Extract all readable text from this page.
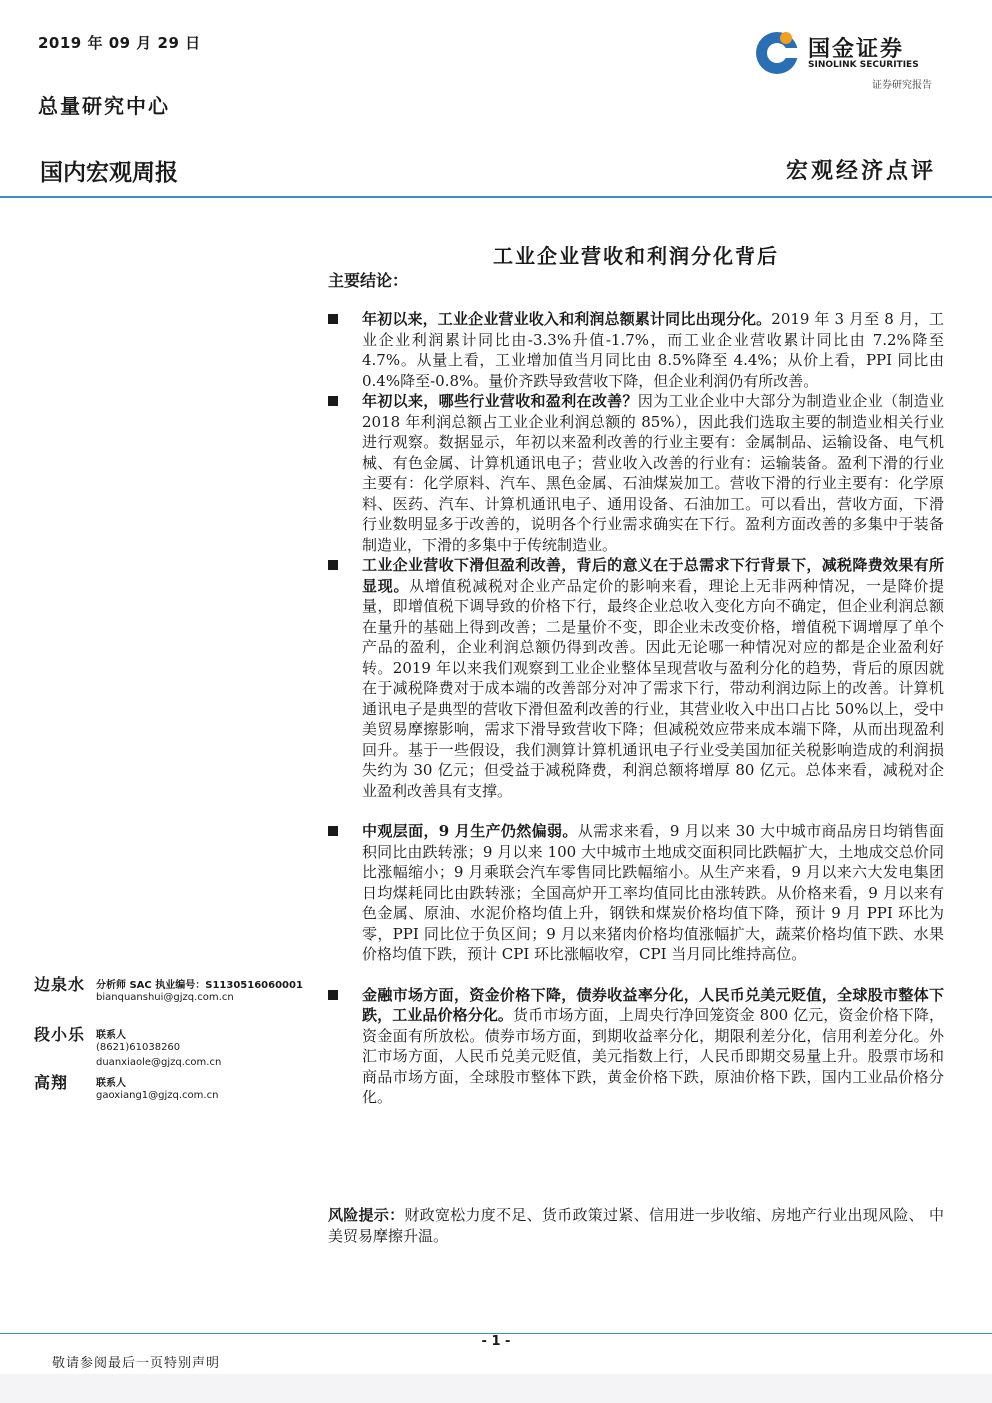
2019 年 09 月 29 日
总量研究中心
国金证券
SINOLINK SECURITIES
证券研究报告
国内宏观周报	宏观经济点评
工业企业营收和利润分化背后
主要结论：
年初以来，工业企业营业收入和利润总额累计同比出现分化。2019 年 3 月至 8 月，工业企业利润累计同比由-3.3%升值-1.7%，而工业企业营收累计同比由 7.2%降至 4.7%。从量上看，工业增加值当月同比由 8.5%降至 4.4%；从价上看，PPI 同比由 0.4%降至-0.8%。量价齐跌导致营收下降，但企业利润仍有所改善。
年初以来，哪些行业营收和盈利在改善？因为工业企业中大部分为制造业企业（制造业 2018 年利润总额占工业企业利润总额的 85%），因此我们选取主要的制造业相关行业进行观察。数据显示，年初以来盈利改善的行业主要有：金属制品、运输设备、电气机械、有色金属、计算机通讯电子；营业收入改善的行业有：运输装备。盈利下滑的行业主要有：化学原料、汽车、黑色金属、石油煤炭加工。营收下滑的行业主要有：化学原料、医药、汽车、计算机通讯电子、通用设备、石油加工。可以看出，营收方面，下滑行业数明显多于改善的，说明各个行业需求确实在下行。盈利方面改善的多集中于装备制造业，下滑的多集中于传统制造业。
工业企业营收下滑但盈利改善，背后的意义在于总需求下行背景下，减税降费效果有所显现。从增值税减税对企业产品定价的影响来看，理论上无非两种情况，一是降价提量，即增值税下调导致的价格下行，最终企业总收入变化方向不确定，但企业利润总额在量升的基础上得到改善；二是量价不变，即企业未改变价格，增值税下调增厚了单个产品的盈利，企业利润总额仍得到改善。因此无论哪一种情况对应的都是企业盈利好转。2019 年以来我们观察到工业企业整体呈现营收与盈利分化的趋势，背后的原因就在于减税降费对于成本端的改善部分对冲了需求下行，带动利润边际上的改善。计算机通讯电子是典型的营收下滑但盈利改善的行业，其营业收入中出口占比 50%以上，受中美贸易摩擦影响，需求下滑导致营收下降；但减税效应带来成本端下降，从而出现盈利回升。基于一些假设，我们测算计算机通讯电子行业受美国加征关税影响造成的利润损失约为 30 亿元；但受益于减税降费，利润总额将增厚 80 亿元。总体来看，减税对企业盈利改善具有支撑。
中观层面，9 月生产仍然偏弱。从需求来看，9 月以来 30 大中城市商品房日均销售面积同比由跌转涨；9 月以来 100 大中城市土地成交面积同比跌幅扩大，土地成交总价同比涨幅缩小；9 月乘联会汽车零售同比跌幅缩小。从生产来看，9 月以来六大发电集团日均煤耗同比由跌转涨；全国高炉开工率均值同比由涨转跌。从价格来看，9 月以来有色金属、原油、水泥价格均值上升，钢铁和煤炭价格均值下降，预计 9 月 PPI 环比为零，PPI 同比位于负区间；9 月以来猪肉价格均值涨幅扩大，蔬菜价格均值下跌、水果价格均值下跌，预计 CPI 环比涨幅收窄，CPI 当月同比维持高位。
金融市场方面，资金价格下降，债券收益率分化，人民币兑美元贬值，全球股市整体下跌，工业品价格分化。货币市场方面，上周央行净回笼资金 800 亿元，资金价格下降，资金面有所放松。债券市场方面，到期收益率分化，期限利差分化，信用利差分化。外汇市场方面，人民币兑美元贬值，美元指数上行，人民币即期交易量上升。股票市场和商品市场方面，全球股市整体下跌，黄金价格下跌，原油价格下跌，国内工业品价格分化。
风险提示：财政宽松力度不足、货币政策过紧、信用进一步收缩、房地产行业出现风险、 中美贸易摩擦升温。
边泉水 分析师 SAC 执业编号：S1130516060001
bianquanshui@gjzq.com.cn
段小乐 联系人
(8621)61038260
duanxiaole@gjzq.com.cn
高翔	联系人
gaoxiang1@gjzq.com.cn
- 1 -
敬请参阅最后一页特别声明
